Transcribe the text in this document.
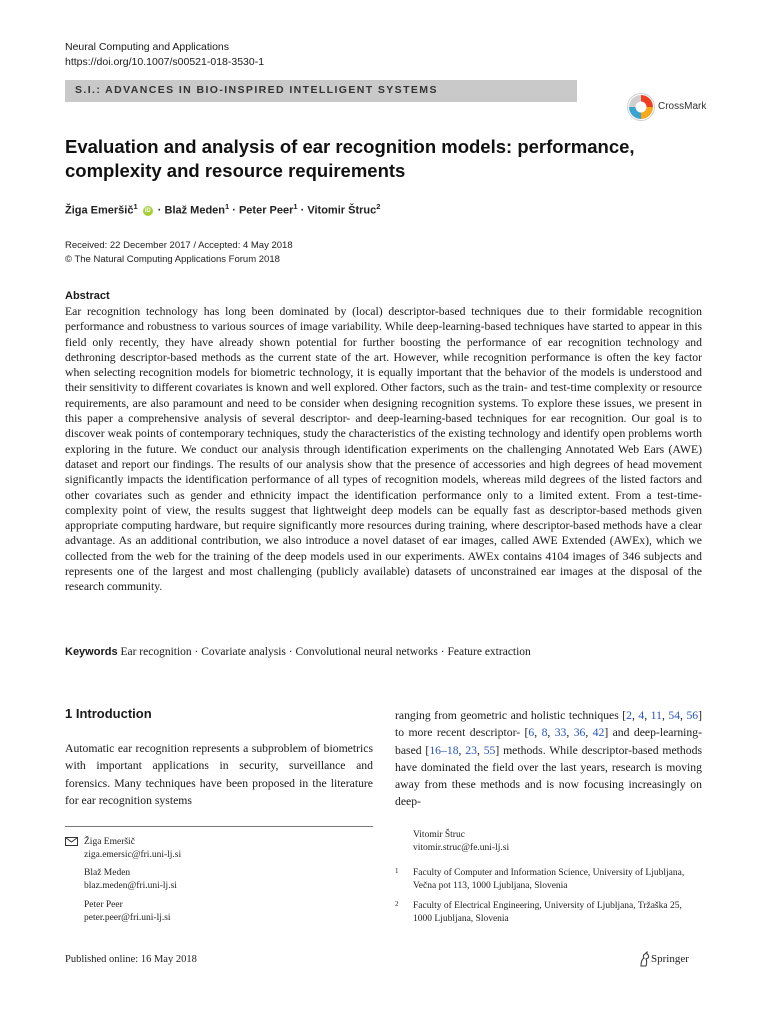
Neural Computing and Applications
https://doi.org/10.1007/s00521-018-3530-1
S.I.: ADVANCES IN BIO-INSPIRED INTELLIGENT SYSTEMS
CrossMark
Evaluation and analysis of ear recognition models: performance, complexity and resource requirements
Žiga Emeršič$^1$ iD · Blaž Meden$^1$ · Peter Peer$^1$ · Vitomir Štruc$^2$
Received: 22 December 2017 / Accepted: 4 May 2018
© The Natural Computing Applications Forum 2018
Abstract

Ear recognition technology has long been dominated by (local) descriptor-based techniques due to their formidable recognition performance and robustness to various sources of image variability. While deep-learning-based techniques have started to appear in this field only recently, they have already shown potential for further boosting the performance of ear recognition technology and dethroning descriptor-based methods as the current state of the art. However, while recognition performance is often the key factor when selecting recognition models for biometric technology, it is equally important that the behavior of the models is understood and their sensitivity to different covariates is known and well explored. Other factors, such as the train- and test-time complexity or resource requirements, are also paramount and need to be consider when designing recognition systems. To explore these issues, we present in this paper a comprehensive analysis of several descriptor- and deep-learning-based techniques for ear recognition. Our goal is to discover weak points of contemporary techniques, study the characteristics of the existing technology and identify open problems worth exploring in the future. We conduct our analysis through identification experiments on the challenging Annotated Web Ears (AWE) dataset and report our findings. The results of our analysis show that the presence of accessories and high degrees of head movement significantly impacts the identification performance of all types of recognition models, whereas mild degrees of the listed factors and other covariates such as gender and ethnicity impact the identification performance only to a limited extent. From a test-time-complexity point of view, the results suggest that lightweight deep models can be equally fast as descriptor-based methods given appropriate computing hardware, but require significantly more resources during training, where descriptor-based methods have a clear advantage. As an additional contribution, we also introduce a novel dataset of ear images, called AWE Extended (AWEx), which we collected from the web for the training of the deep models used in our experiments. AWEx contains 4104 images of 346 subjects and represents one of the largest and most challenging (publicly available) datasets of unconstrained ear images at the disposal of the research community.

Keywords Ear recognition · Covariate analysis · Convolutional neural networks · Feature extraction
1 Introduction

Automatic ear recognition represents a subproblem of biometrics with important applications in security, surveillance and forensics. Many techniques have been proposed in the literature for ear recognition systems

ranging from geometric and holistic techniques [2, 4, 11, 54, 56] to more recent descriptor- [6, 8, 33, 36, 42] and deep-learning-based [16–18, 23, 55] methods. While descriptor-based methods have dominated the field over the last years, research is moving away from these methods and is now focusing increasingly on deep-

Žiga Emeršič
ziga.emersic@fri.uni-lj.si
Blaž Meden
blaz.meden@fri.uni-lj.si
Peter Peer
peter.peer@fri.uni-lj.si
Vitomir Štruc
vitomir.struc@fe.uni-lj.si
1 Faculty of Computer and Information Science, University of Ljubljana, Večna pot 113, 1000 Ljubljana, Slovenia
2 Faculty of Electrical Engineering, University of Ljubljana, Tržaška 25, 1000 Ljubljana, Slovenia
Published online: 16 May 2018	Springer
